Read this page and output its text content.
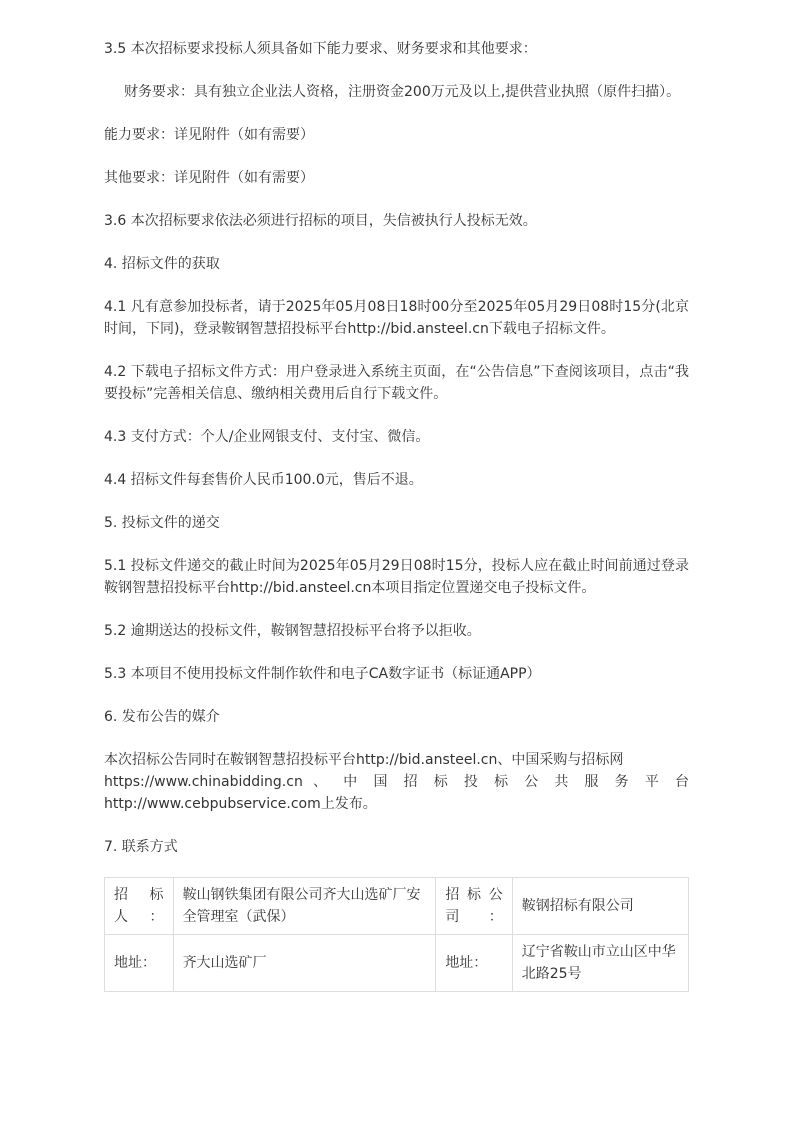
3.5 本次招标要求投标人须具备如下能力要求、财务要求和其他要求：

财务要求：具有独立企业法人资格，注册资金200万元及以上,提供营业执照（原件扫描）。

能力要求：详见附件（如有需要）

其他要求：详见附件（如有需要）

3.6 本次招标要求依法必须进行招标的项目，失信被执行人投标无效。

4. 招标文件的获取

4.1 凡有意参加投标者，请于2025年05月08日18时00分至2025年05月29日08时15分(北京时间，下同)，登录鞍钢智慧招投标平台http://bid.ansteel.cn下载电子招标文件。

4.2 下载电子招标文件方式：用户登录进入系统主页面，在“公告信息”下查阅该项目，点击“我要投标”完善相关信息、缴纳相关费用后自行下载文件。

4.3 支付方式：个人/企业网银支付、支付宝、微信。

4.4 招标文件每套售价人民币100.0元，售后不退。

5. 投标文件的递交

5.1 投标文件递交的截止时间为2025年05月29日08时15分，投标人应在截止时间前通过登录鞍钢智慧招投标平台http://bid.ansteel.cn本项目指定位置递交电子投标文件。

5.2 逾期送达的投标文件，鞍钢智慧招投标平台将予以拒收。

5.3 本项目不使用投标文件制作软件和电子CA数字证书（标证通APP）

6. 发布公告的媒介

本次招标公告同时在鞍钢智慧招投标平台http://bid.ansteel.cn、中国采购与招标网
https://www.chinabidding.cn 、 中 国 招 标 投 标 公 共 服 务 平 台
http://www.cebpubservice.com上发布。

7. 联系方式

招 标 人：	鞍山钢铁集团有限公司齐大山选矿厂安全管理室（武保）	招 标 公 司：	鞍钢招标有限公司
地址：	齐大山选矿厂	地址：	辽宁省鞍山市立山区中华北路25号
